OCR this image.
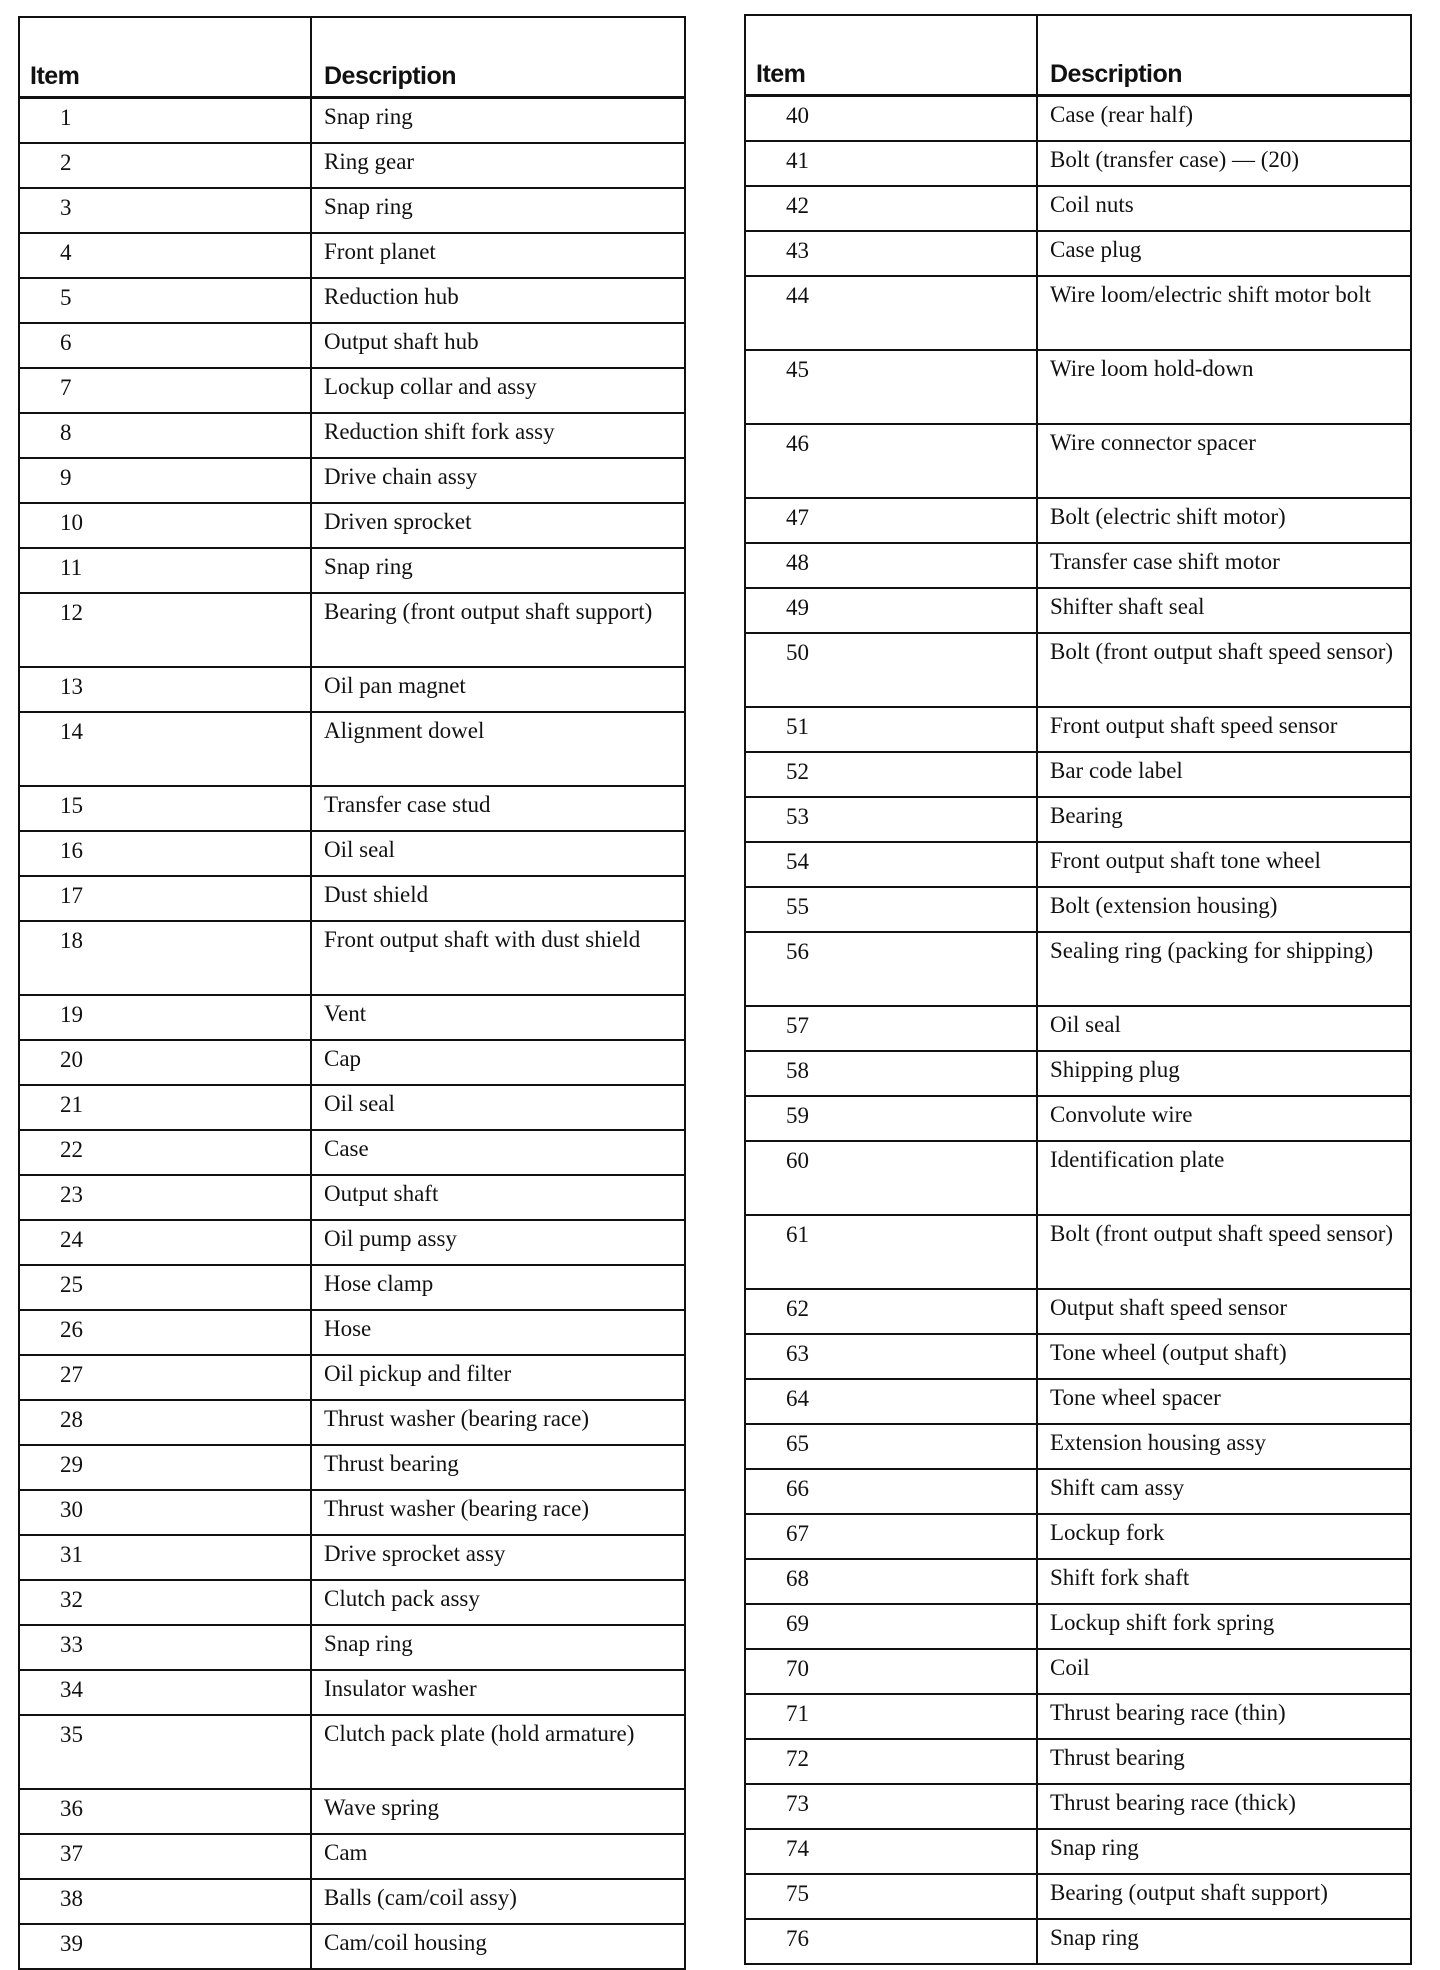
Item	Description
1	Snap ring
2	Ring gear
3	Snap ring
4	Front planet
5	Reduction hub
6	Output shaft hub
7	Lockup collar and assy
8	Reduction shift fork assy
9	Drive chain assy
10	Driven sprocket
11	Snap ring
12	Bearing (front output shaft support)
13	Oil pan magnet
14	Alignment dowel
15	Transfer case stud
16	Oil seal
17	Dust shield
18	Front output shaft with dust shield
19	Vent
20	Cap
21	Oil seal
22	Case
23	Output shaft
24	Oil pump assy
25	Hose clamp
26	Hose
27	Oil pickup and filter
28	Thrust washer (bearing race)
29	Thrust bearing
30	Thrust washer (bearing race)
31	Drive sprocket assy
32	Clutch pack assy
33	Snap ring
34	Insulator washer
35	Clutch pack plate (hold armature)
36	Wave spring
37	Cam
38	Balls (cam/coil assy)
39	Cam/coil housing
Item	Description
40	Case (rear half)
41	Bolt (transfer case) — (20)
42	Coil nuts
43	Case plug
44	Wire loom/electric shift motor bolt
45	Wire loom hold-down
46	Wire connector spacer
47	Bolt (electric shift motor)
48	Transfer case shift motor
49	Shifter shaft seal
50	Bolt (front output shaft speed sensor)
51	Front output shaft speed sensor
52	Bar code label
53	Bearing
54	Front output shaft tone wheel
55	Bolt (extension housing)
56	Sealing ring (packing for shipping)
57	Oil seal
58	Shipping plug
59	Convolute wire
60	Identification plate
61	Bolt (front output shaft speed sensor)
62	Output shaft speed sensor
63	Tone wheel (output shaft)
64	Tone wheel spacer
65	Extension housing assy
66	Shift cam assy
67	Lockup fork
68	Shift fork shaft
69	Lockup shift fork spring
70	Coil
71	Thrust bearing race (thin)
72	Thrust bearing
73	Thrust bearing race (thick)
74	Snap ring
75	Bearing (output shaft support)
76	Snap ring
